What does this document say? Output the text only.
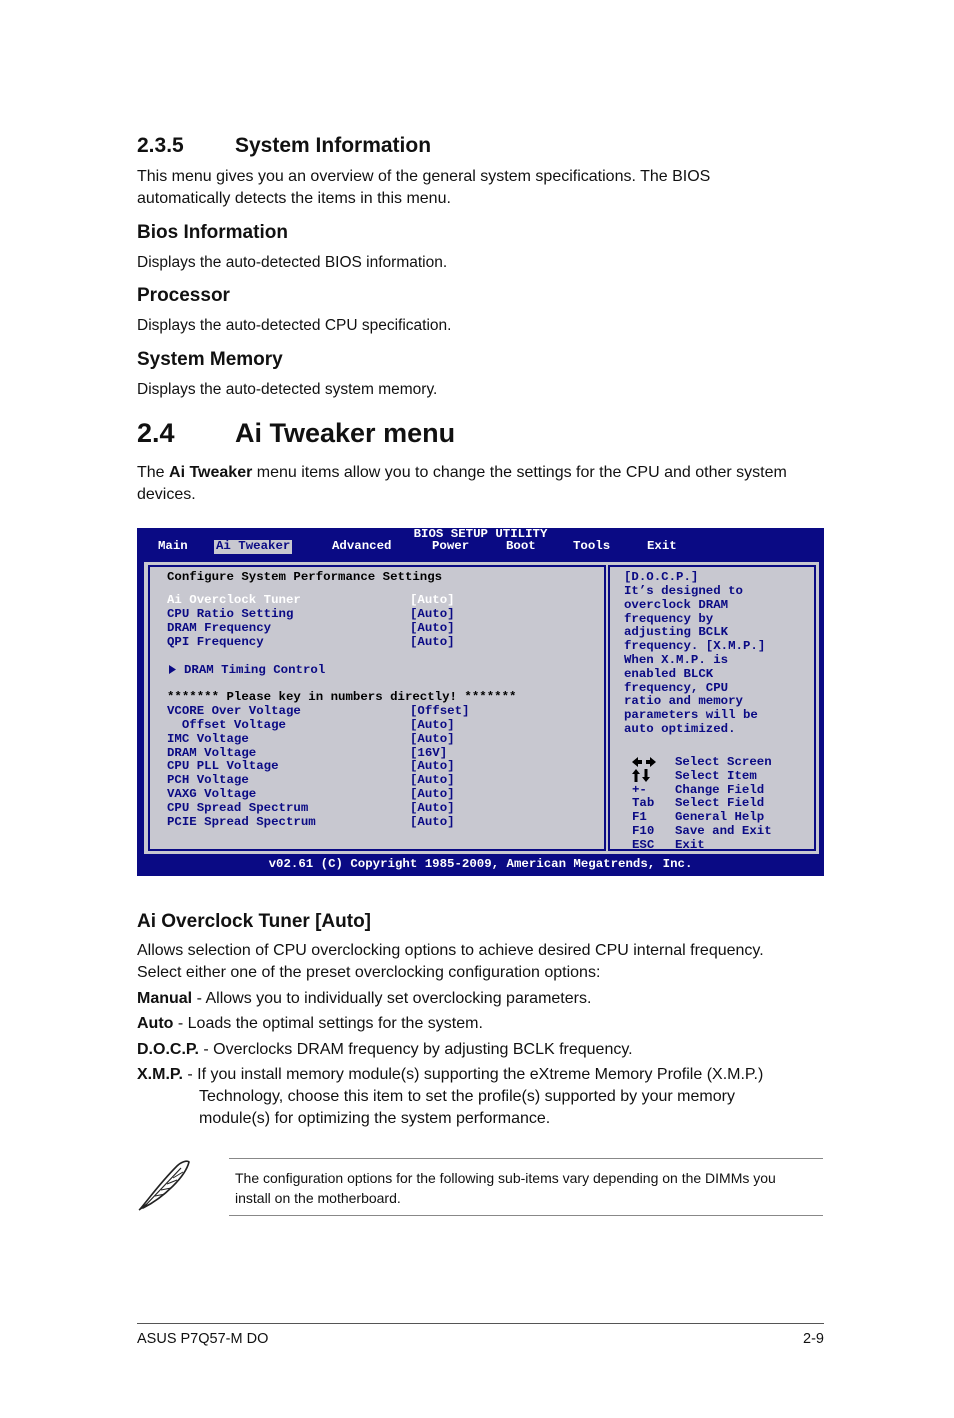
2.3.5 System Information
This menu gives you an overview of the general system specifications. The BIOS
automatically detects the items in this menu.
Bios Information
Displays the auto-detected BIOS information.
Processor
Displays the auto-detected CPU specification.
System Memory
Displays the auto-detected system memory.
2.4 Ai Tweaker menu
The Ai Tweaker menu items allow you to change the settings for the CPU and other system
devices.
BIOS SETUP UTILITY
Main Ai Tweaker	Advanced	Power	Boot	Tools	Exit
Configure System Performance Settings
Ai Overclock Tuner	[Auto]
CPU Ratio Setting	[Auto]
DRAM Frequency	[Auto]
QPI Frequency	[Auto]
DRAM Timing Control
******* Please key in numbers directly! *******
VCORE Over Voltage	[Offset]
Offset Voltage	[Auto]
IMC Voltage	[Auto]
DRAM Voltage	[16V]
CPU PLL Voltage	[Auto]
PCH Voltage	[Auto]
VAXG Voltage	[Auto]
CPU Spread Spectrum	[Auto]
PCIE Spread Spectrum	[Auto]
[D.O.C.P.]
It’s designed to
overclock DRAM
frequency by
adjusting BCLK
frequency. [X.M.P.]
When X.M.P. is
enabled BLCK
frequency, CPU
ratio and memory
parameters will be
auto optimized.
Select Screen
Select Item
+- Change Field
Tab Select Field
F1 General Help
F10 Save and Exit
ESC Exit
v02.61 (C) Copyright 1985-2009, American Megatrends, Inc.
Ai Overclock Tuner [Auto]
Allows selection of CPU overclocking options to achieve desired CPU internal frequency.
Select either one of the preset overclocking configuration options:
Manual - Allows you to individually set overclocking parameters.
Auto - Loads the optimal settings for the system.
D.O.C.P. - Overclocks DRAM frequency by adjusting BCLK frequency.
X.M.P. - If you install memory module(s) supporting the eXtreme Memory Profile (X.M.P.)
Technology, choose this item to set the profile(s) supported by your memory
module(s) for optimizing the system performance.
The configuration options for the following sub-items vary depending on the DIMMs you
install on the motherboard.
ASUS P7Q57-M DO	2-9
